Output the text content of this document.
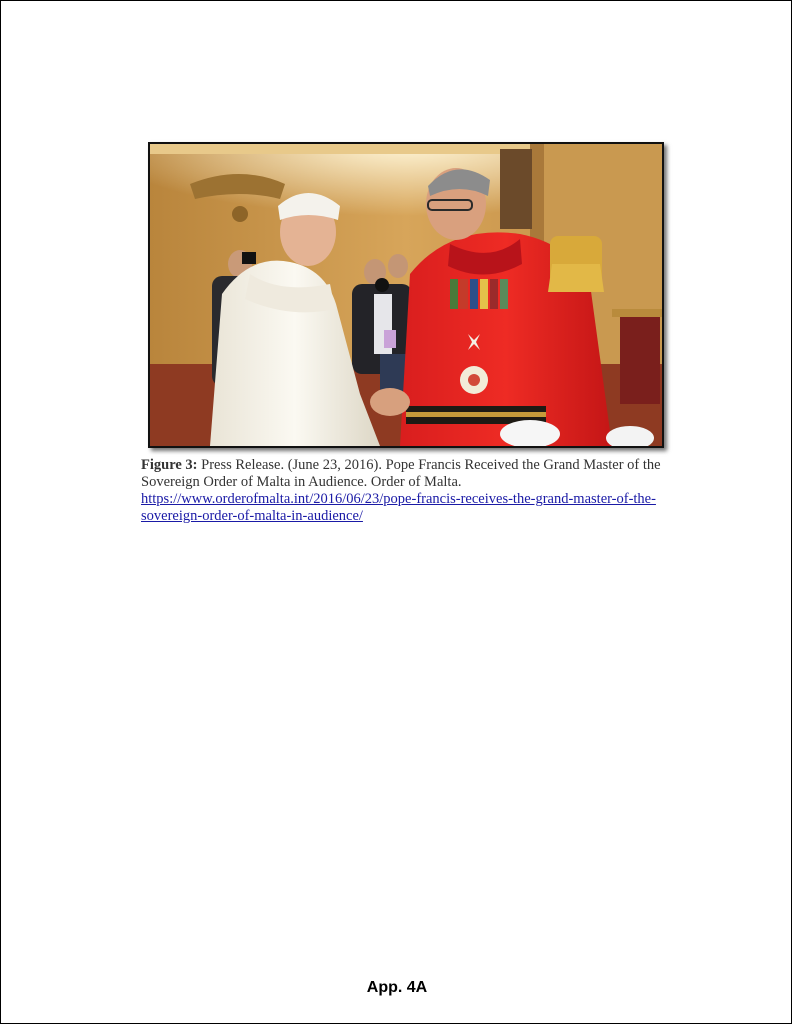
Figure 3: Press Release. (June 23, 2016). Pope Francis Received the Grand Master of the Sovereign Order of Malta in Audience. Order of Malta.
https://www.orderofmalta.int/2016/06/23/pope-francis-receives-the-grand-master-of-the-sovereign-order-of-malta-in-audience/
App. 4A
